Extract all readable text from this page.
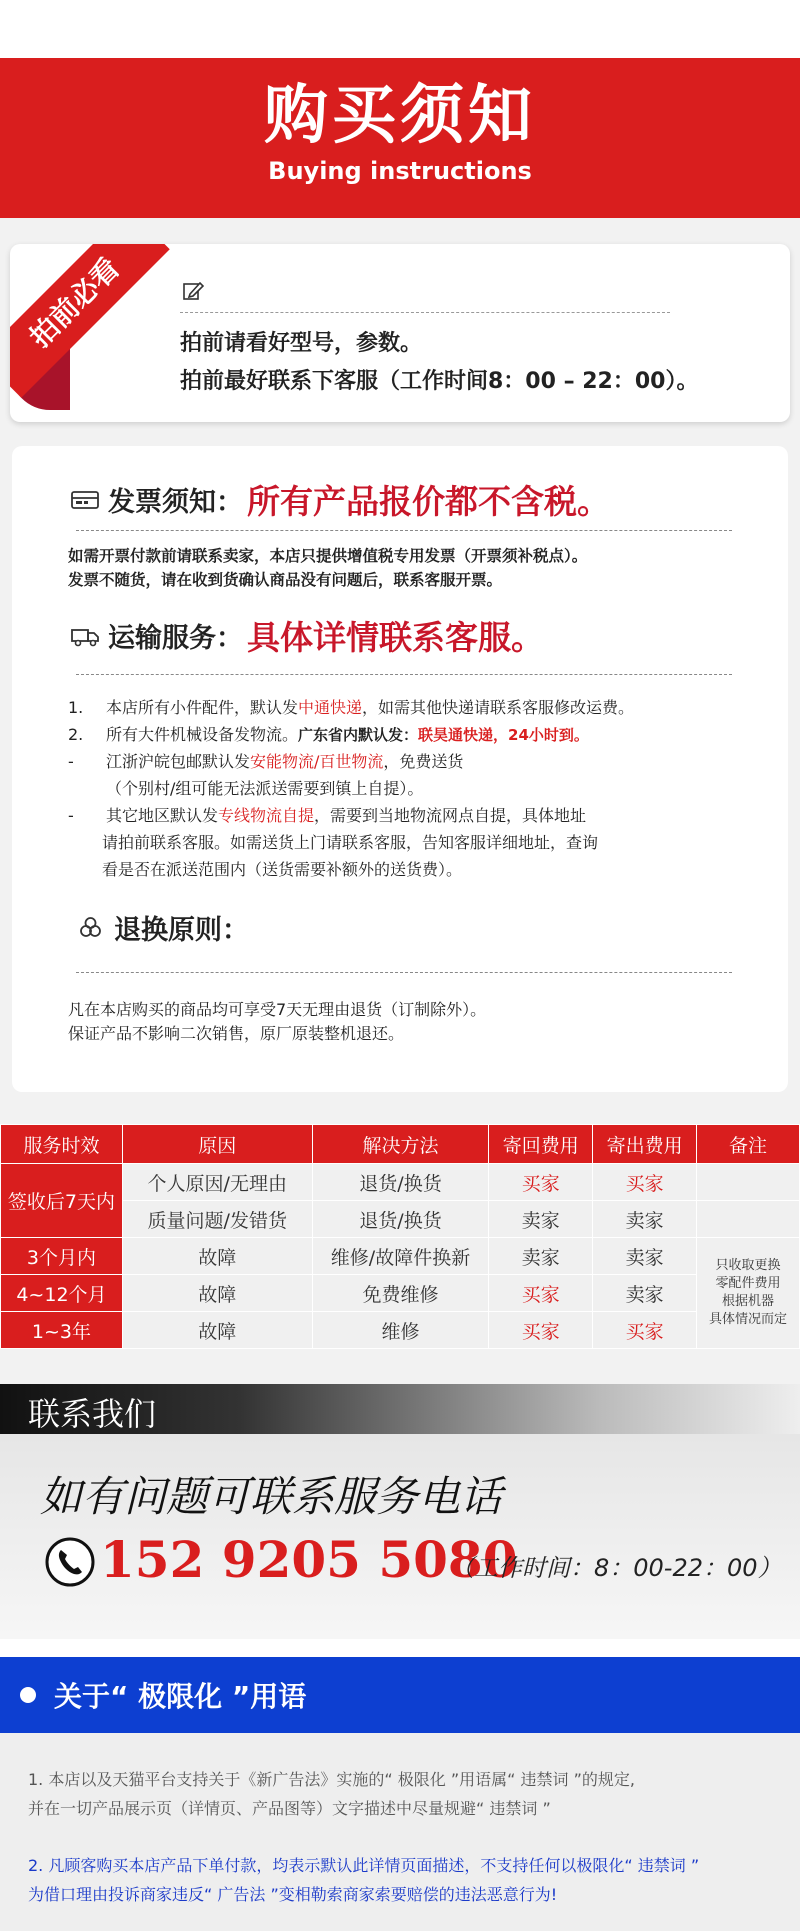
购买须知
Buying instructions
拍前必看	拍前请看好型号，参数。
拍前最好联系下客服（工作时间8：00 – 22：00）。
发票须知： 所有产品报价都不含税。
如需开票付款前请联系卖家，本店只提供增值税专用发票（开票须补税点）。
发票不随货，请在收到货确认商品没有问题后，联系客服开票。
运输服务： 具体详情联系客服。
1. 本店所有小件配件，默认发中通快递，如需其他快递请联系客服修改运费。
2. 所有大件机械设备发物流。广东省内默认发：联昊通快递，24小时到。
- 江浙沪皖包邮默认发安能物流/百世物流，免费送货
（个别村/组可能无法派送需要到镇上自提）。
- 其它地区默认发专线物流自提，需要到当地物流网点自提，具体地址
请拍前联系客服。如需送货上门请联系客服，告知客服详细地址，查询
看是否在派送范围内（送货需要补额外的送货费）。
退换原则：
凡在本店购买的商品均可享受7天无理由退货（订制除外）。
保证产品不影响二次销售，原厂原装整机退还。
服务时效	原因	解决方法	寄回费用	寄出费用	备注
签收后7天内	个人原因/无理由	退货/换货	买家	买家	
	质量问题/发错货	退货/换货	卖家	卖家	
3个月内	故障	维修/故障件换新	卖家	卖家	只收取更换
零配件费用
根据机器
具体情况而定

4~12个月	故障	免费维修	买家	卖家	
1~3年	故障	维修	买家	买家	
联系我们
如有问题可联系服务电话
152 9205 5080
（工作时间：8：00-22：00）
关于“ 极限化 ”用语
1. 本店以及天猫平台支持关于《新广告法》实施的“ 极限化 ”用语属“ 违禁词 ”的规定,
并在一切产品展示页（详情页、产品图等）文字描述中尽量规避“ 违禁词 ”
2. 凡顾客购买本店产品下单付款，均表示默认此详情页面描述，不支持任何以极限化“ 违禁词 ”
为借口理由投诉商家违反“ 广告法 ”变相勒索商家索要赔偿的违法恶意行为!
